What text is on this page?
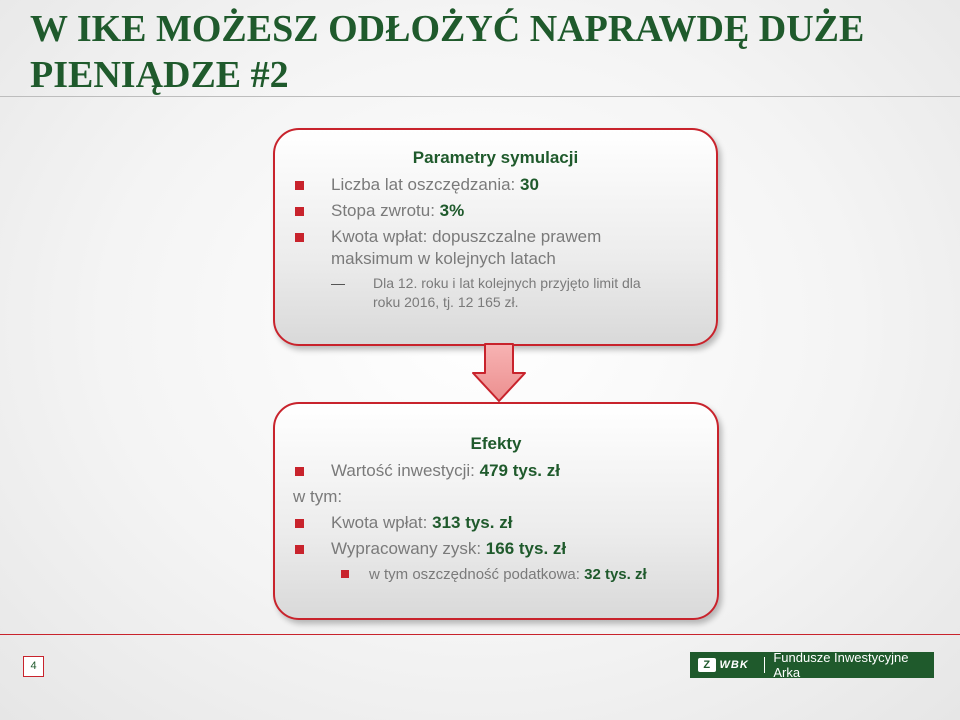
W IKE MOŻESZ ODŁOŻYĆ NAPRAWDĘ DUŻE PIENIĄDZE #2
Parametry symulacji
Liczba lat oszczędzania: 30
Stopa zwrotu: 3%
Kwota wpłat: dopuszczalne prawem
maksimum w kolejnych latach
Dla 12. roku i lat kolejnych przyjęto limit dla
roku 2016, tj. 12 165 zł.
Efekty
Wartość inwestycji: 479 tys. zł
w tym:
Kwota wpłat: 313 tys. zł
Wypracowany zysk: 166 tys. zł
w tym oszczędność podatkowa: 32 tys. zł
4	Z WBK	Fundusze Inwestycyjne Arka
